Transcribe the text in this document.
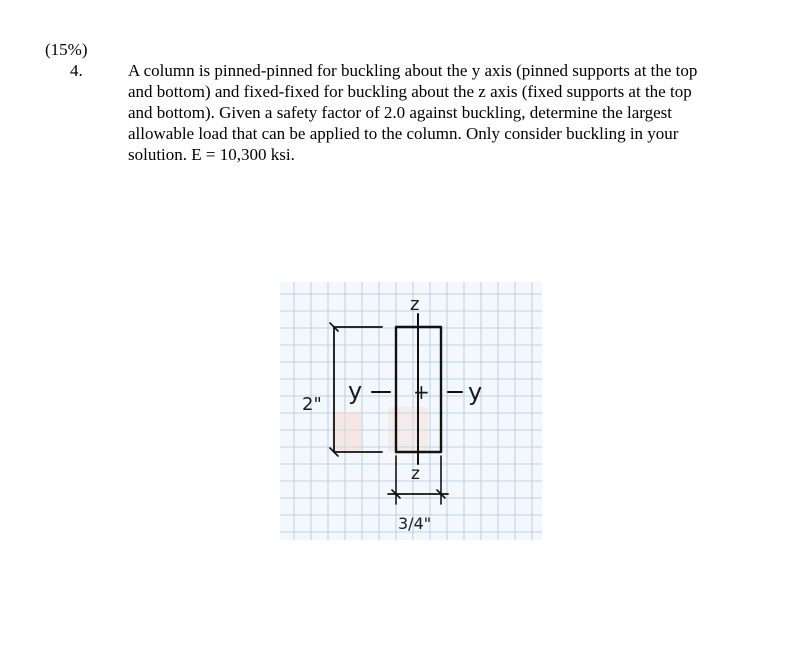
(15%)
4.	A column is pinned-pinned for buckling about the y axis (pinned supports at the top and bottom) and fixed-fixed for buckling about the z axis (fixed supports at the top and bottom). Given a safety factor of 2.0 against buckling, determine the largest allowable load that can be applied to the column. Only consider buckling in your solution. E = 10,300 ksi.
z
z
+
y	y
2"
3/4"
